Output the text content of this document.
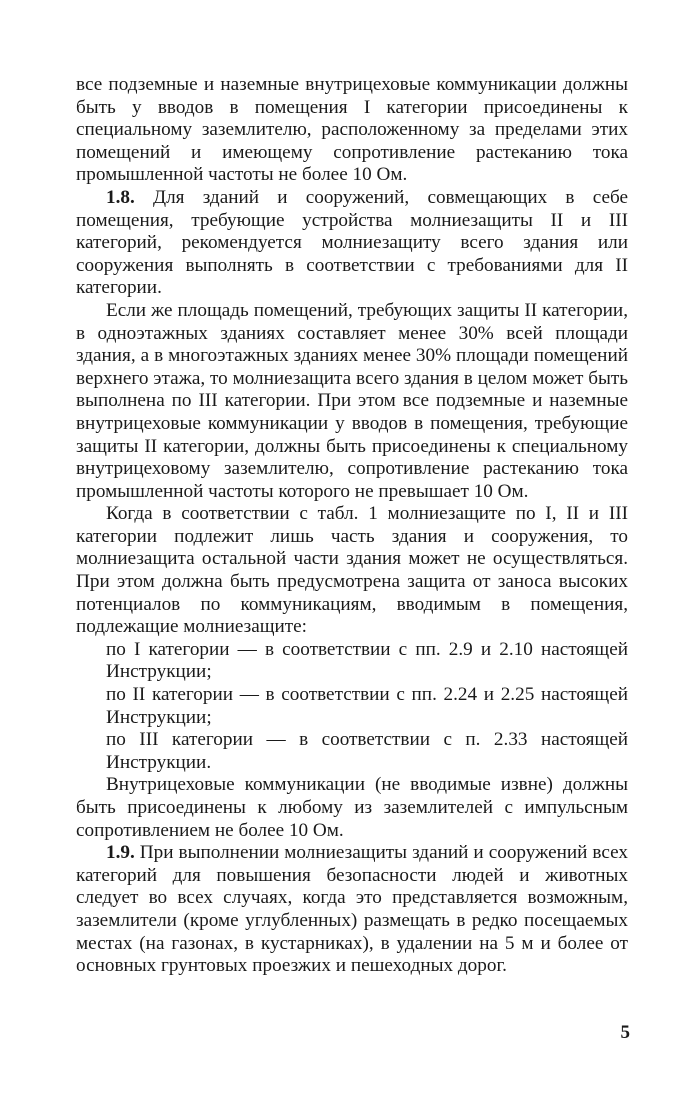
все подземные и наземные внутрицеховые коммуникации должны быть у вводов в помещения I категории присоединены к специальному заземлителю, расположенному за пределами этих помещений и имеющему сопротивление растеканию тока промышленной частоты не более 10 Ом.

1.8. Для зданий и сооружений, совмещающих в себе помещения, требующие устройства молниезащиты II и III категорий, рекомендуется молниезащиту всего здания или сооружения выполнять в соответствии с требованиями для II категории.

Если же площадь помещений, требующих защиты II категории, в одноэтажных зданиях составляет менее 30% всей площади здания, а в многоэтажных зданиях менее 30% площади помещений верхнего этажа, то молниезащита всего здания в целом может быть выполнена по III категории. При этом все подземные и наземные внутрицеховые коммуникации у вводов в помещения, требующие защиты II категории, должны быть присоединены к специальному внутрицеховому заземлителю, сопротивление растеканию тока промышленной частоты которого не превышает 10 Ом.

Когда в соответствии с табл. 1 молниезащите по I, II и III категории подлежит лишь часть здания и сооружения, то молниезащита остальной части здания может не осуществляться. При этом должна быть предусмотрена защита от заноса высоких потенциалов по коммуникациям, вводимым в помещения, подлежащие молниезащите:

по I категории — в соответствии с пп. 2.9 и 2.10 настоящей Инструкции;

по II категории — в соответствии с пп. 2.24 и 2.25 настоящей Инструкции;

по III категории — в соответствии с п. 2.33 настоящей Инструкции.

Внутрицеховые коммуникации (не вводимые извне) должны быть присоединены к любому из заземлителей с импульсным сопротивлением не более 10 Ом.

1.9. При выполнении молниезащиты зданий и сооружений всех категорий для повышения безопасности людей и животных следует во всех случаях, когда это представляется возможным, заземлители (кроме углубленных) размещать в редко посещаемых местах (на газонах, в кустарниках), в удалении на 5 м и более от основных грунтовых проезжих и пешеходных дорог.

5
